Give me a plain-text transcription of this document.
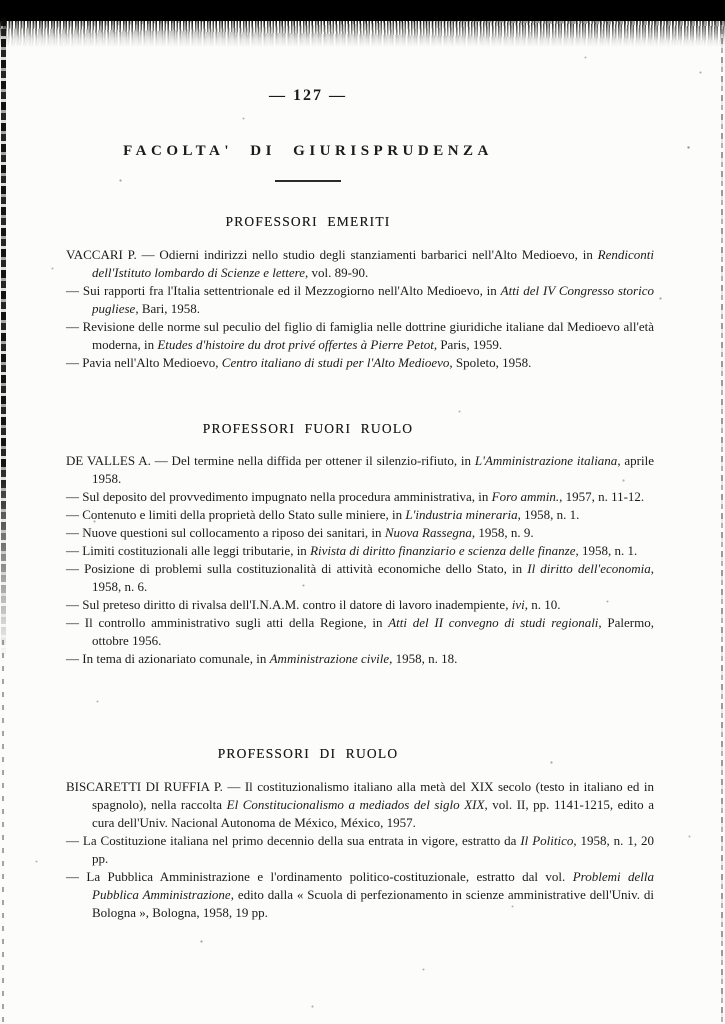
— 127 —
FACOLTA' DI GIURISPRUDENZA
PROFESSORI EMERITI
PROFESSORI FUORI RUOLO
PROFESSORI DI RUOLO

VACCARI P. — Odierni indirizzi nello studio degli stanziamenti barbarici nell'Alto Medioevo, in Rendiconti dell'Istituto lombardo di Scienze e lettere, vol. 89-90.

— Sui rapporti fra l'Italia settentrionale ed il Mezzogiorno nell'Alto Medioevo, in Atti del IV Congresso storico pugliese, Bari, 1958.

— Revisione delle norme sul peculio del figlio di famiglia nelle dottrine giuridiche italiane dal Medioevo all'età moderna, in Etudes d'histoire du drot privé offertes à Pierre Petot, Paris, 1959.

— Pavia nell'Alto Medioevo, Centro italiano di studi per l'Alto Medioevo, Spoleto, 1958.

DE VALLES A. — Del termine nella diffida per ottener il silenzio-rifiuto, in L'Amministrazione italiana, aprile 1958.

— Sul deposito del provvedimento impugnato nella procedura amministrativa, in Foro ammin., 1957, n. 11-12.

— Contenuto e limiti della proprietà dello Stato sulle miniere, in L'industria mineraria, 1958, n. 1.

— Nuove questioni sul collocamento a riposo dei sanitari, in Nuova Rassegna, 1958, n. 9.

— Limiti costituzionali alle leggi tributarie, in Rivista di diritto finanziario e scienza delle finanze, 1958, n. 1.

— Posizione di problemi sulla costituzionalità di attività economiche dello Stato, in Il diritto dell'economia, 1958, n. 6.

— Sul preteso diritto di rivalsa dell'I.N.A.M. contro il datore di lavoro inadempiente, ivi, n. 10.

— Il controllo amministrativo sugli atti della Regione, in Atti del II convegno di studi regionali, Palermo, ottobre 1956.

— In tema di azionariato comunale, in Amministrazione civile, 1958, n. 18.

BISCARETTI DI RUFFIA P. — Il costituzionalismo italiano alla metà del XIX secolo (testo in italiano ed in spagnolo), nella raccolta El Constitucionalismo a mediados del siglo XIX, vol. II, pp. 1141-1215, edito a cura dell'Univ. Nacional Autonoma de México, México, 1957.

— La Costituzione italiana nel primo decennio della sua entrata in vigore, estratto da Il Politico, 1958, n. 1, 20 pp.

— La Pubblica Amministrazione e l'ordinamento politico-costituzionale, estratto dal vol. Problemi della Pubblica Amministrazione, edito dalla « Scuola di perfezionamento in scienze amministrative dell'Univ. di Bologna », Bologna, 1958, 19 pp.
